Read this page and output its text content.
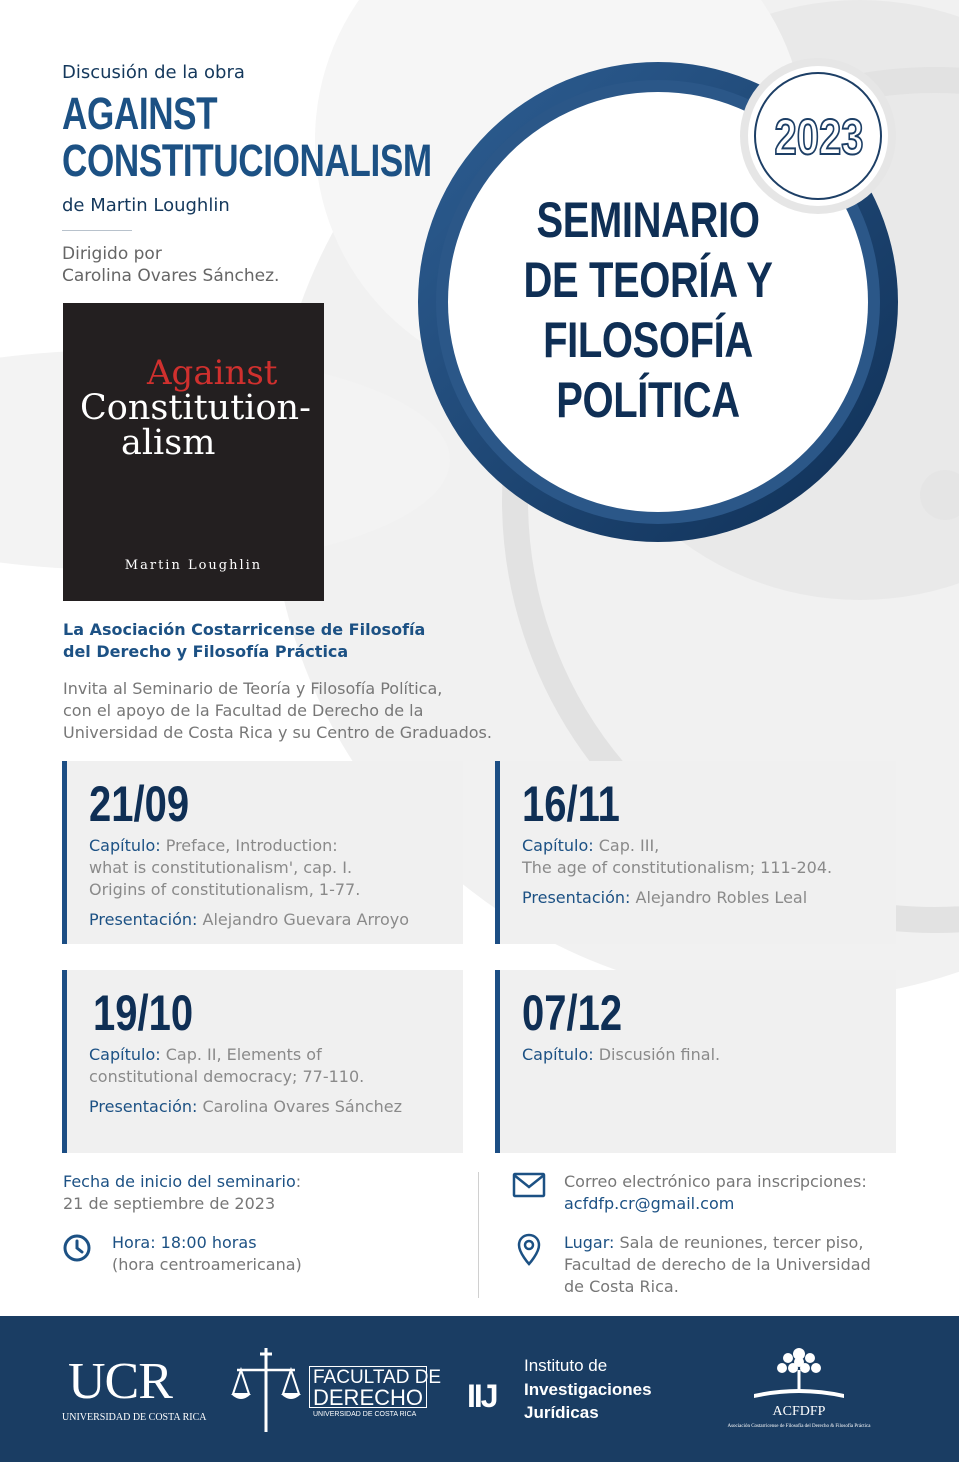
Discusión de la obra
AGAINST
CONSTITUCIONALISM
de Martin Loughlin
Dirigido por
Carolina Ovares Sánchez.
Against
Constitution-
alism
Martin Loughlin
2023
SEMINARIO
DE TEORÍA Y
FILOSOFÍA
POLÍTICA
La Asociación Costarricense de Filosofía
del Derecho y Filosofía Práctica
Invita al Seminario de Teoría y Filosofía Política,
con el apoyo de la Facultad de Derecho de la
Universidad de Costa Rica y su Centro de Graduados.
21/09
Capítulo: Preface, Introduction:
what is constitutionalism', cap. I.
Origins of constitutionalism, 1-77.
Presentación: Alejandro Guevara Arroyo
16/11
Capítulo: Cap. III,
The age of constitutionalism; 111-204.
Presentación: Alejandro Robles Leal
19/10
Capítulo: Cap. II, Elements of
constitutional democracy; 77-110.
Presentación: Carolina Ovares Sánchez
07/12
Capítulo: Discusión final.
Fecha de inicio del seminario:
21 de septiembre de 2023
Hora: 18:00 horas
(hora centroamericana)
Correo electrónico para inscripciones:
acfdfp.cr@gmail.com
Lugar: Sala de reuniones, tercer piso,
Facultad de derecho de la Universidad
de Costa Rica.
UCR
UNIVERSIDAD DE COSTA RICA
FACULTAD DE
DERECHO
UNIVERSIDAD DE COSTA RICA
IIJ
Instituto de
Investigaciones
Jurídicas	ACFDFP
Asociación Costarricense de Filosofía del Derecho & Filosofía Práctica
